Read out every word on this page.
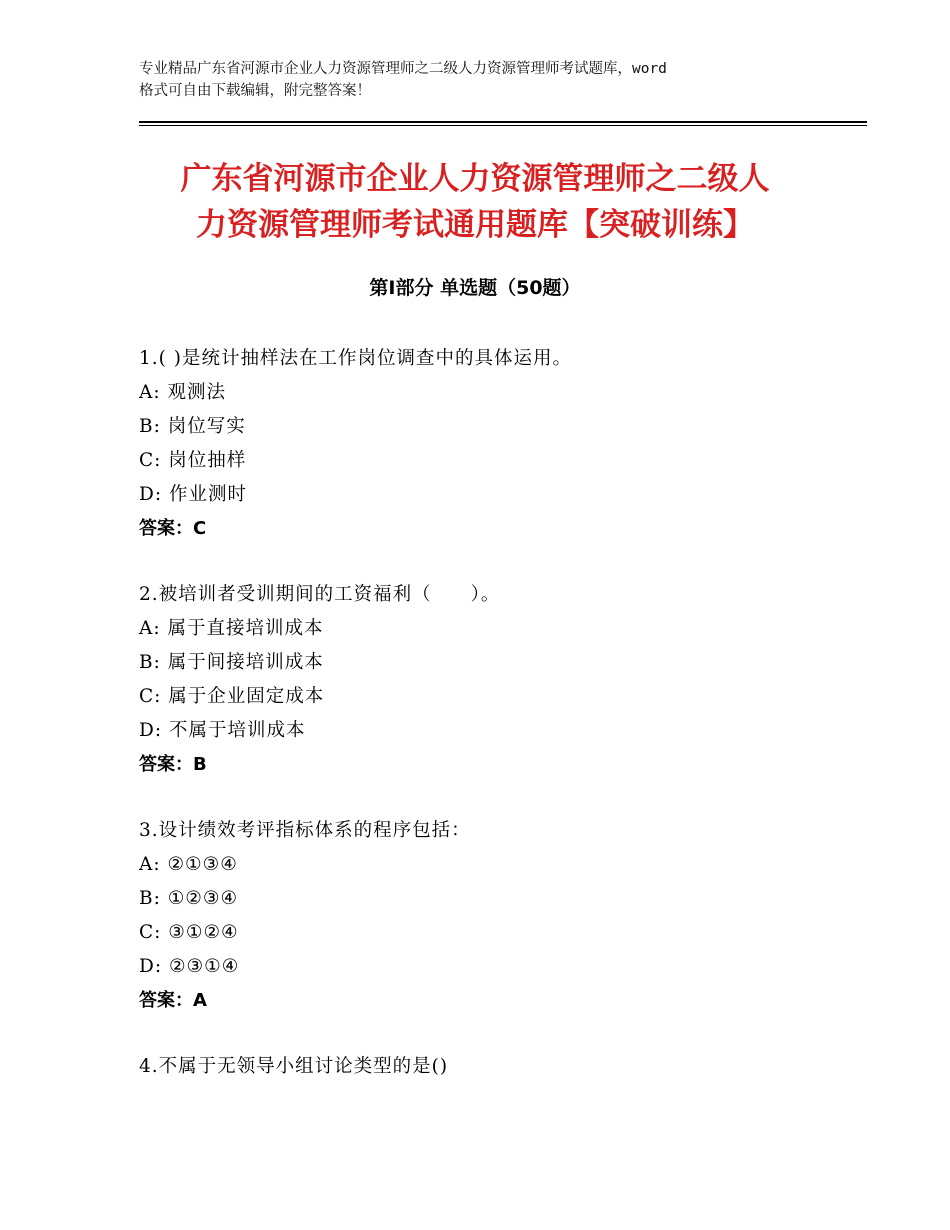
专业精品广东省河源市企业人力资源管理师之二级人力资源管理师考试题库，word
格式可自由下载编辑，附完整答案！
广东省河源市企业人力资源管理师之二级人
力资源管理师考试通用题库【突破训练】
第Ⅰ部分 单选题（50题）
1.( )是统计抽样法在工作岗位调查中的具体运用。
A: 观测法
B: 岗位写实
C: 岗位抽样
D: 作业测时
答案：C
2.被培训者受训期间的工资福利（　　）。
A: 属于直接培训成本
B: 属于间接培训成本
C: 属于企业固定成本
D: 不属于培训成本
答案：B
3.设计绩效考评指标体系的程序包括：
A: ②①③④
B: ①②③④
C: ③①②④
D: ②③①④
答案：A
4.不属于无领导小组讨论类型的是()
